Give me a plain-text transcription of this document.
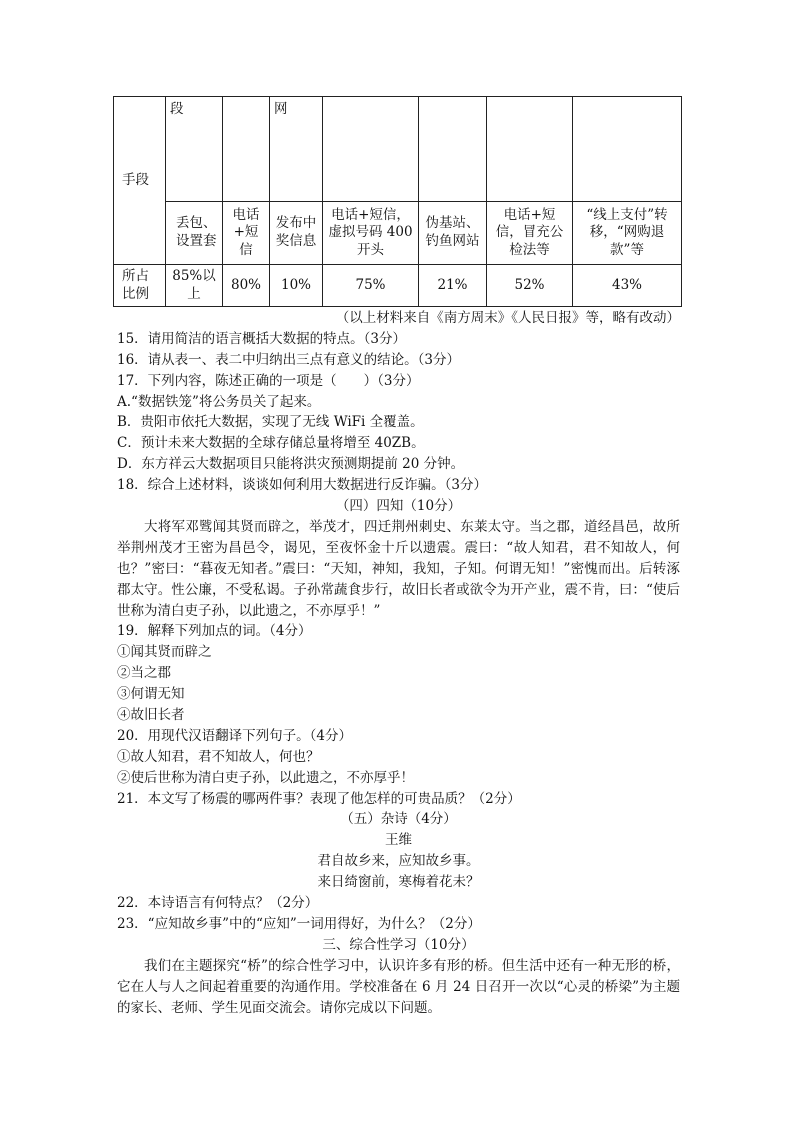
手段	段		网				
	丢包、设置套	电话+短信	发布中奖信息	电话+短信，虚拟号码 400 开头	伪基站、钓鱼网站	电话+短信，冒充公检法等	“线上支付”转移，“网购退款”等
所占比例	85%以上	80%	10%	75%	21%	52%	43%
（以上材料来自《南方周末》《人民日报》等，略有改动）
15．请用简洁的语言概括大数据的特点。（3分）
16．请从表一、表二中归纳出三点有意义的结论。（3分）
17．下列内容，陈述正确的一项是（　　）（3分）
A.“数据铁笼”将公务员关了起来。
B．贵阳市依托大数据，实现了无线 WiFi 全覆盖。
C．预计未来大数据的全球存储总量将增至 40ZB。
D．东方祥云大数据项目只能将洪灾预测期提前 20 分钟。
18．综合上述材料，谈谈如何利用大数据进行反诈骗。（3分）
（四）四知（10分）
大将军邓骘闻其贤而辟之，举茂才，四迁荆州刺史、东莱太守。当之郡，道经昌邑，故所举荆州茂才王密为昌邑令，谒见，至夜怀金十斤以遗震。震曰：“故人知君，君不知故人，何也？”密曰：“暮夜无知者。”震曰：“天知，神知，我知，子知。何谓无知！”密愧而出。后转涿郡太守。性公廉，不受私谒。子孙常蔬食步行，故旧长者或欲令为开产业，震不肯，曰：“使后世称为清白吏子孙，以此遗之，不亦厚乎！”
19．解释下列加点的词。（4分）
①闻其贤而辟之
②当之郡
③何谓无知
④故旧长者
20．用现代汉语翻译下列句子。（4分）
①故人知君，君不知故人，何也？
②使后世称为清白吏子孙，以此遗之，不亦厚乎！
21．本文写了杨震的哪两件事？表现了他怎样的可贵品质？（2分）
（五）杂诗（4分）
王维
君自故乡来，应知故乡事。
来日绮窗前，寒梅着花未？
22．本诗语言有何特点？（2分）
23．“应知故乡事”中的“应知”一词用得好，为什么？（2分）
三、综合性学习（10分）
我们在主题探究“桥”的综合性学习中，认识许多有形的桥。但生活中还有一种无形的桥，它在人与人之间起着重要的沟通作用。学校准备在 6 月 24 日召开一次以“心灵的桥梁”为主题的家长、老师、学生见面交流会。请你完成以下问题。
